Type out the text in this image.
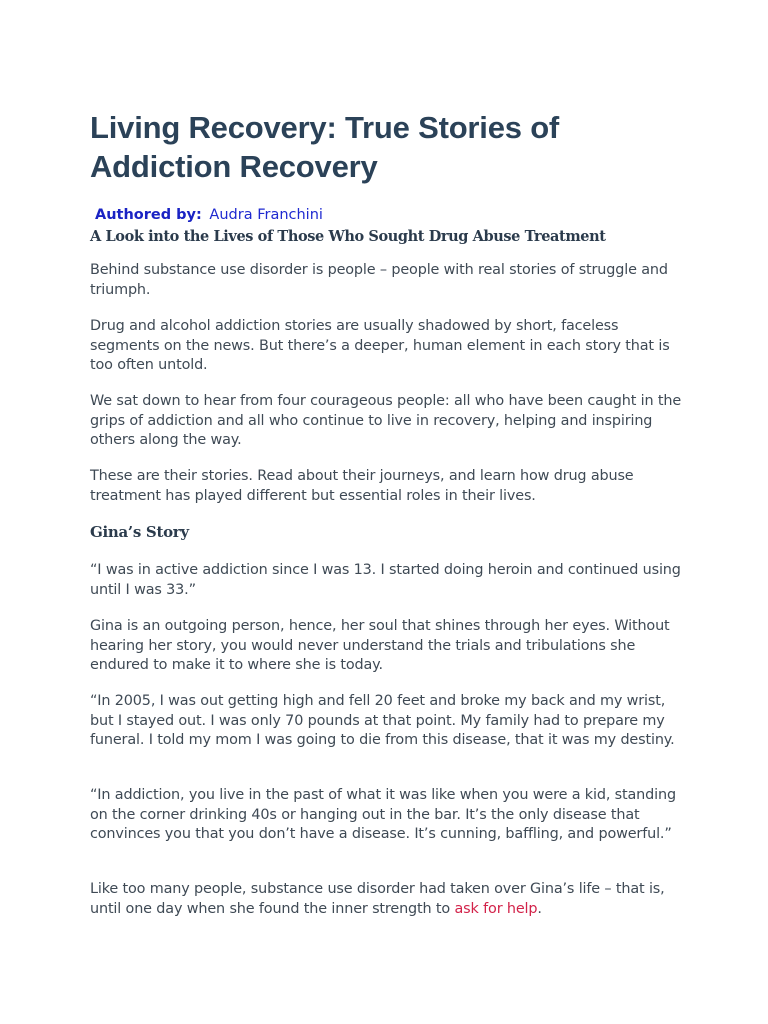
Living Recovery: True Stories of
Addiction Recovery
Authored by: Audra Franchini
A Look into the Lives of Those Who Sought Drug Abuse Treatment

Behind substance use disorder is people – people with real stories of struggle and triumph.

Drug and alcohol addiction stories are usually shadowed by short, faceless segments on the news. But there’s a deeper, human element in each story that is too often untold.

We sat down to hear from four courageous people: all who have been caught in the grips of addiction and all who continue to live in recovery, helping and inspiring others along the way.

These are their stories. Read about their journeys, and learn how drug abuse treatment has played different but essential roles in their lives.

Gina’s Story

“I was in active addiction since I was 13. I started doing heroin and continued using until I was 33.”

Gina is an outgoing person, hence, her soul that shines through her eyes. Without hearing her story, you would never understand the trials and tribulations she endured to make it to where she is today.

“In 2005, I was out getting high and fell 20 feet and broke my back and my wrist, but I stayed out. I was only 70 pounds at that point. My family had to prepare my funeral. I told my mom I was going to die from this disease, that it was my destiny.

“In addiction, you live in the past of what it was like when you were a kid, standing on the corner drinking 40s or hanging out in the bar. It’s the only disease that convinces you that you don’t have a disease. It’s cunning, baffling, and powerful.”

Like too many people, substance use disorder had taken over Gina’s life – that is, until one day when she found the inner strength to ask for help.
